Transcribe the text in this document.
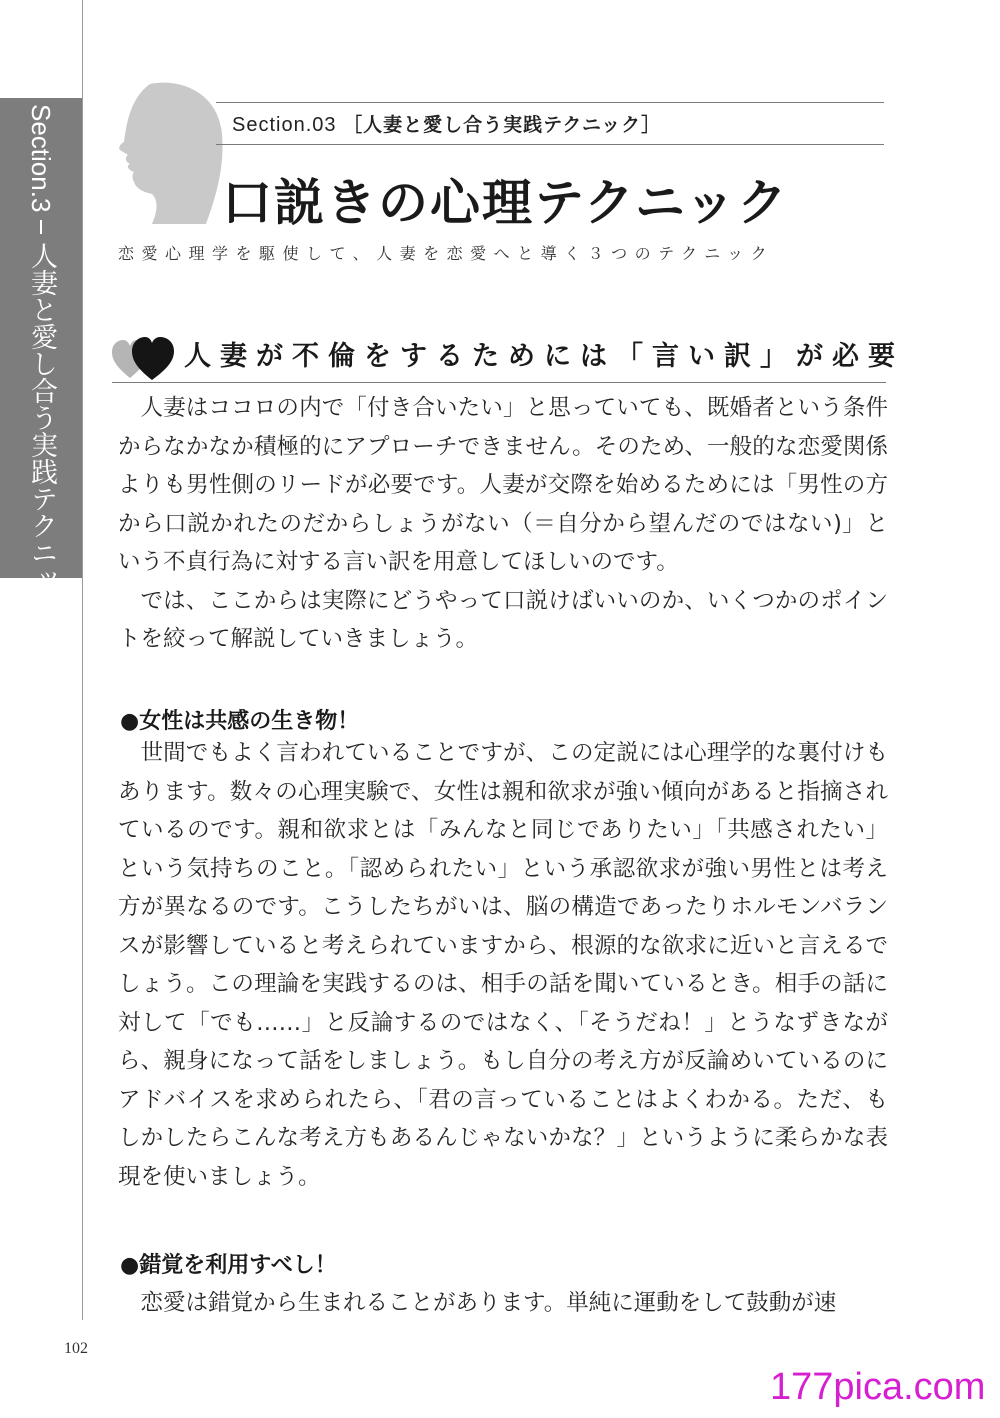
Section.3人妻と愛し合う実践テクニック
Section.03 ［人妻と愛し合う実践テクニック］
口説きの心理テクニック
恋愛心理学を駆使して、人妻を恋愛へと導く３つのテクニック
人妻が不倫をするためには「言い訳」が必要

人妻はココロの内で「付き合いたい」と思っていても、既婚者という条件からなかなか積極的にアプローチできません。そのため、一般的な恋愛関係よりも男性側のリードが必要です。人妻が交際を始めるためには「男性の方から口説かれたのだからしょうがない（＝自分から望んだのではない)」という不貞行為に対する言い訳を用意してほしいのです。

では、ここからは実際にどうやって口説けばいいのか、いくつかのポイントを絞って解説していきましょう。

●女性は共感の生き物！

世間でもよく言われていることですが、この定説には心理学的な裏付けもあります。数々の心理実験で、女性は親和欲求が強い傾向があると指摘されているのです。親和欲求とは「みんなと同じでありたい」「共感されたい」という気持ちのこと。「認められたい」という承認欲求が強い男性とは考え方が異なるのです。こうしたちがいは、脳の構造であったりホルモンバランスが影響していると考えられていますから、根源的な欲求に近いと言えるでしょう。この理論を実践するのは、相手の話を聞いているとき。相手の話に対して「でも……」と反論するのではなく、「そうだね！」とうなずきながら、親身になって話をしましょう。もし自分の考え方が反論めいているのにアドバイスを求められたら、「君の言っていることはよくわかる。ただ、もしかしたらこんな考え方もあるんじゃないかな？」というように柔らかな表現を使いましょう。

●錯覚を利用すべし！

恋愛は錯覚から生まれることがあります。単純に運動をして鼓動が速

102
177pica.com
